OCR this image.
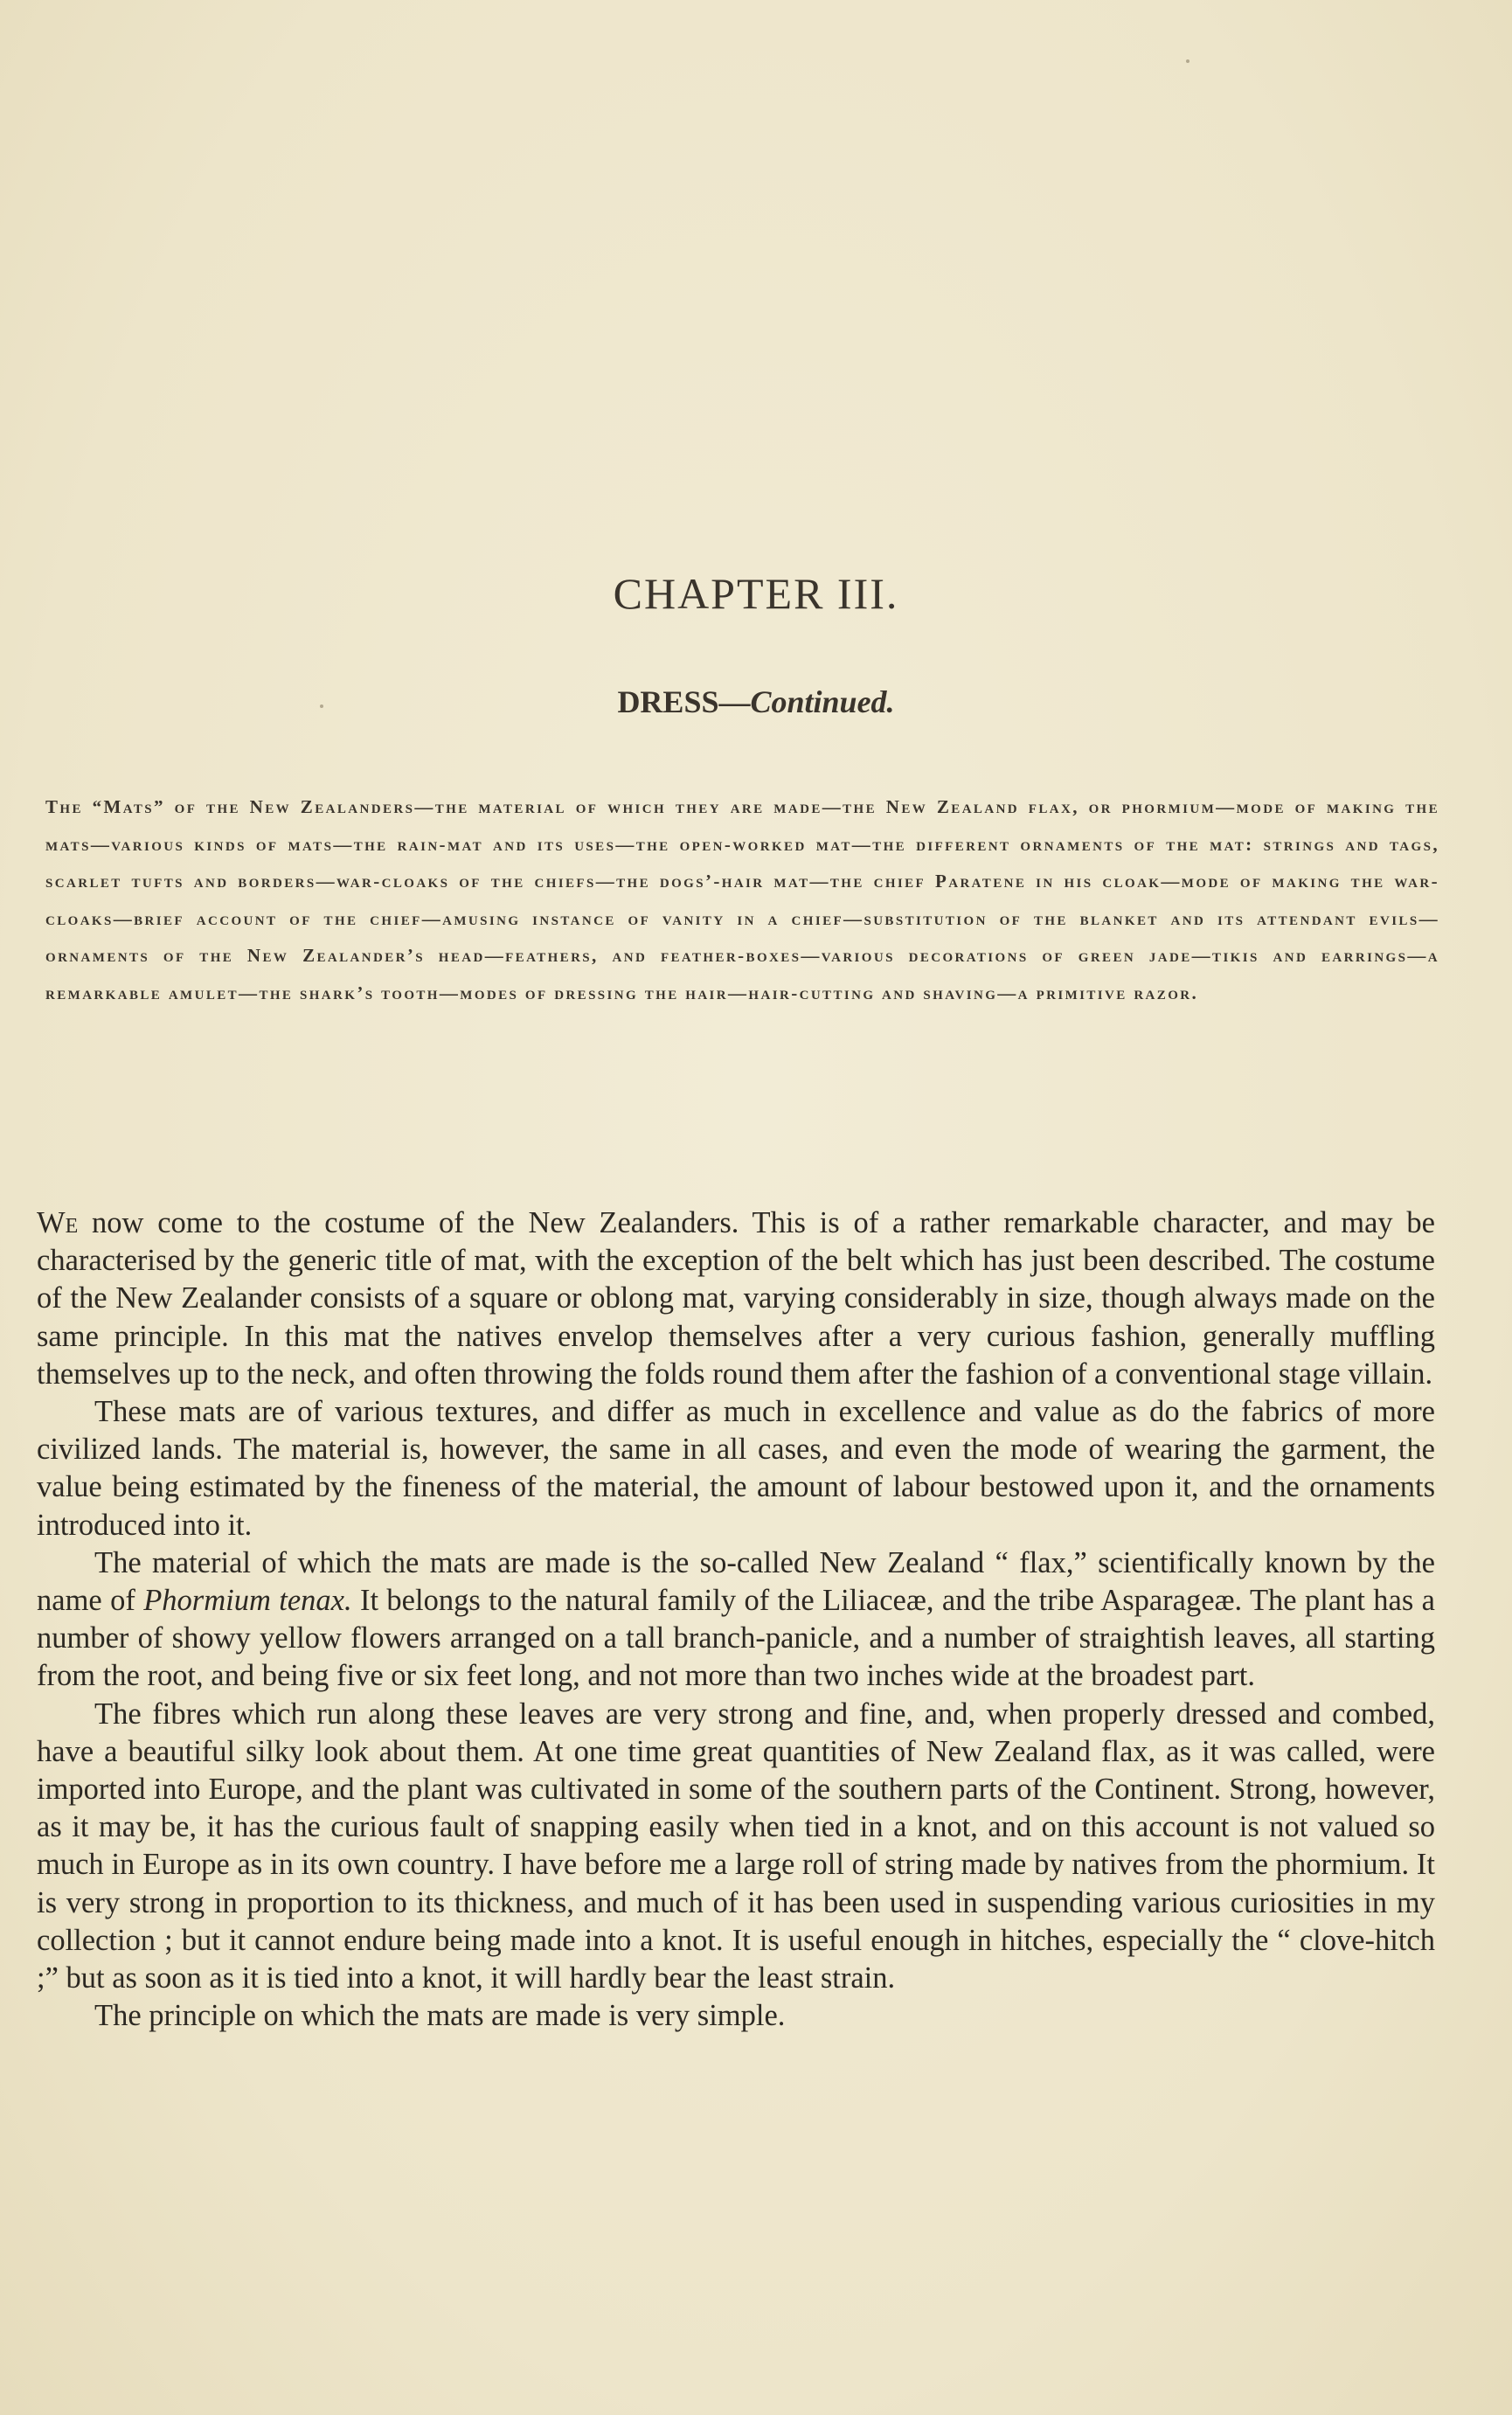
CHAPTER III.
DRESS—Continued.

The “Mats” of the New Zealanders—the material of which they are made—the New Zealand flax, or phormium—mode of making the mats—various kinds of mats—the rain-mat and its uses—the open-worked mat—the different ornaments of the mat: strings and tags, scarlet tufts and borders—war-cloaks of the chiefs—the dogs’-hair mat—the chief Paratene in his cloak—mode of making the war-cloaks—brief account of the chief—amusing instance of vanity in a chief—substitution of the blanket and its attendant evils—ornaments of the New Zealander’s head—feathers, and feather-boxes—various decorations of green jade—tikis and earrings—a remarkable amulet—the shark’s tooth—modes of dressing the hair—hair-cutting and shaving—a primitive razor.

We now come to the costume of the New Zealanders. This is of a rather remarkable character, and may be characterised by the generic title of mat, with the exception of the belt which has just been described. The costume of the New Zealander consists of a square or oblong mat, varying considerably in size, though always made on the same principle. In this mat the natives envelop themselves after a very curious fashion, generally muffling themselves up to the neck, and often throwing the folds round them after the fashion of a conventional stage villain.

These mats are of various textures, and differ as much in excellence and value as do the fabrics of more civilized lands. The material is, however, the same in all cases, and even the mode of wearing the garment, the value being estimated by the fineness of the material, the amount of labour bestowed upon it, and the ornaments introduced into it.

The material of which the mats are made is the so-called New Zealand “ flax,” scientifically known by the name of Phormium tenax. It belongs to the natural family of the Liliaceæ, and the tribe Asparageæ. The plant has a number of showy yellow flowers arranged on a tall branch-panicle, and a number of straightish leaves, all starting from the root, and being five or six feet long, and not more than two inches wide at the broadest part.

The fibres which run along these leaves are very strong and fine, and, when properly dressed and combed, have a beautiful silky look about them. At one time great quantities of New Zealand flax, as it was called, were imported into Europe, and the plant was cultivated in some of the southern parts of the Continent. Strong, however, as it may be, it has the curious fault of snapping easily when tied in a knot, and on this account is not valued so much in Europe as in its own country. I have before me a large roll of string made by natives from the phormium. It is very strong in proportion to its thickness, and much of it has been used in suspending various curiosities in my collection ; but it cannot endure being made into a knot. It is useful enough in hitches, especially the “ clove-hitch ;” but as soon as it is tied into a knot, it will hardly bear the least strain.

The principle on which the mats are made is very simple.
